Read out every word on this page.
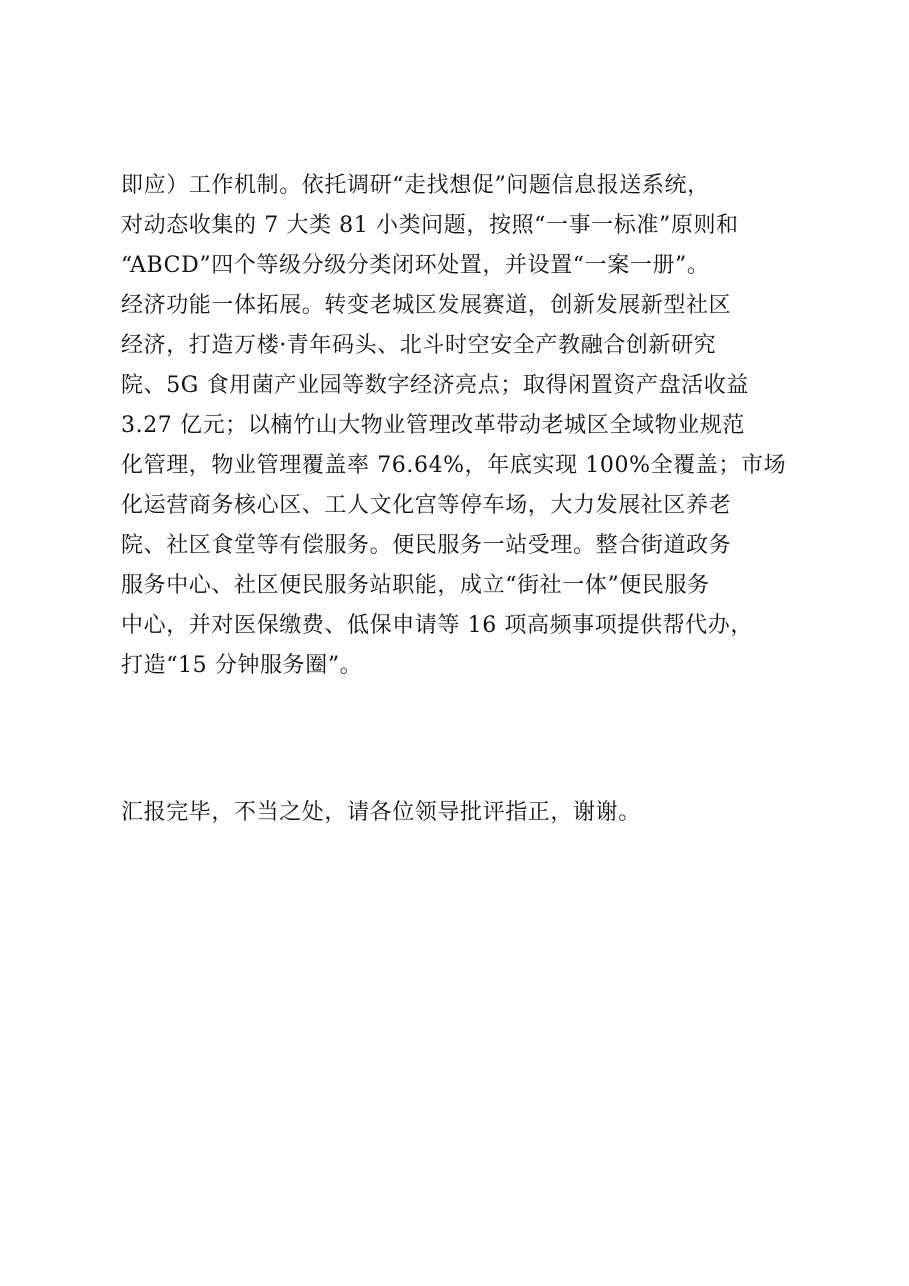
即应）工作机制。依托调研“走找想促”问题信息报送系统，

对动态收集的 7 大类 81 小类问题，按照“一事一标准”原则和

“ABCD”四个等级分级分类闭环处置，并设置“一案一册”。

经济功能一体拓展。转变老城区发展赛道，创新发展新型社区

经济，打造万楼·青年码头、北斗时空安全产教融合创新研究

院、5G 食用菌产业园等数字经济亮点；取得闲置资产盘活收益

3.27 亿元；以楠竹山大物业管理改革带动老城区全域物业规范

化管理，物业管理覆盖率 76.64%，年底实现 100%全覆盖；市场

化运营商务核心区、工人文化宫等停车场，大力发展社区养老

院、社区食堂等有偿服务。便民服务一站受理。整合街道政务

服务中心、社区便民服务站职能，成立“街社一体”便民服务

中心，并对医保缴费、低保申请等 16 项高频事项提供帮代办，

打造“15 分钟服务圈”。

汇报完毕，不当之处，请各位领导批评指正，谢谢。
